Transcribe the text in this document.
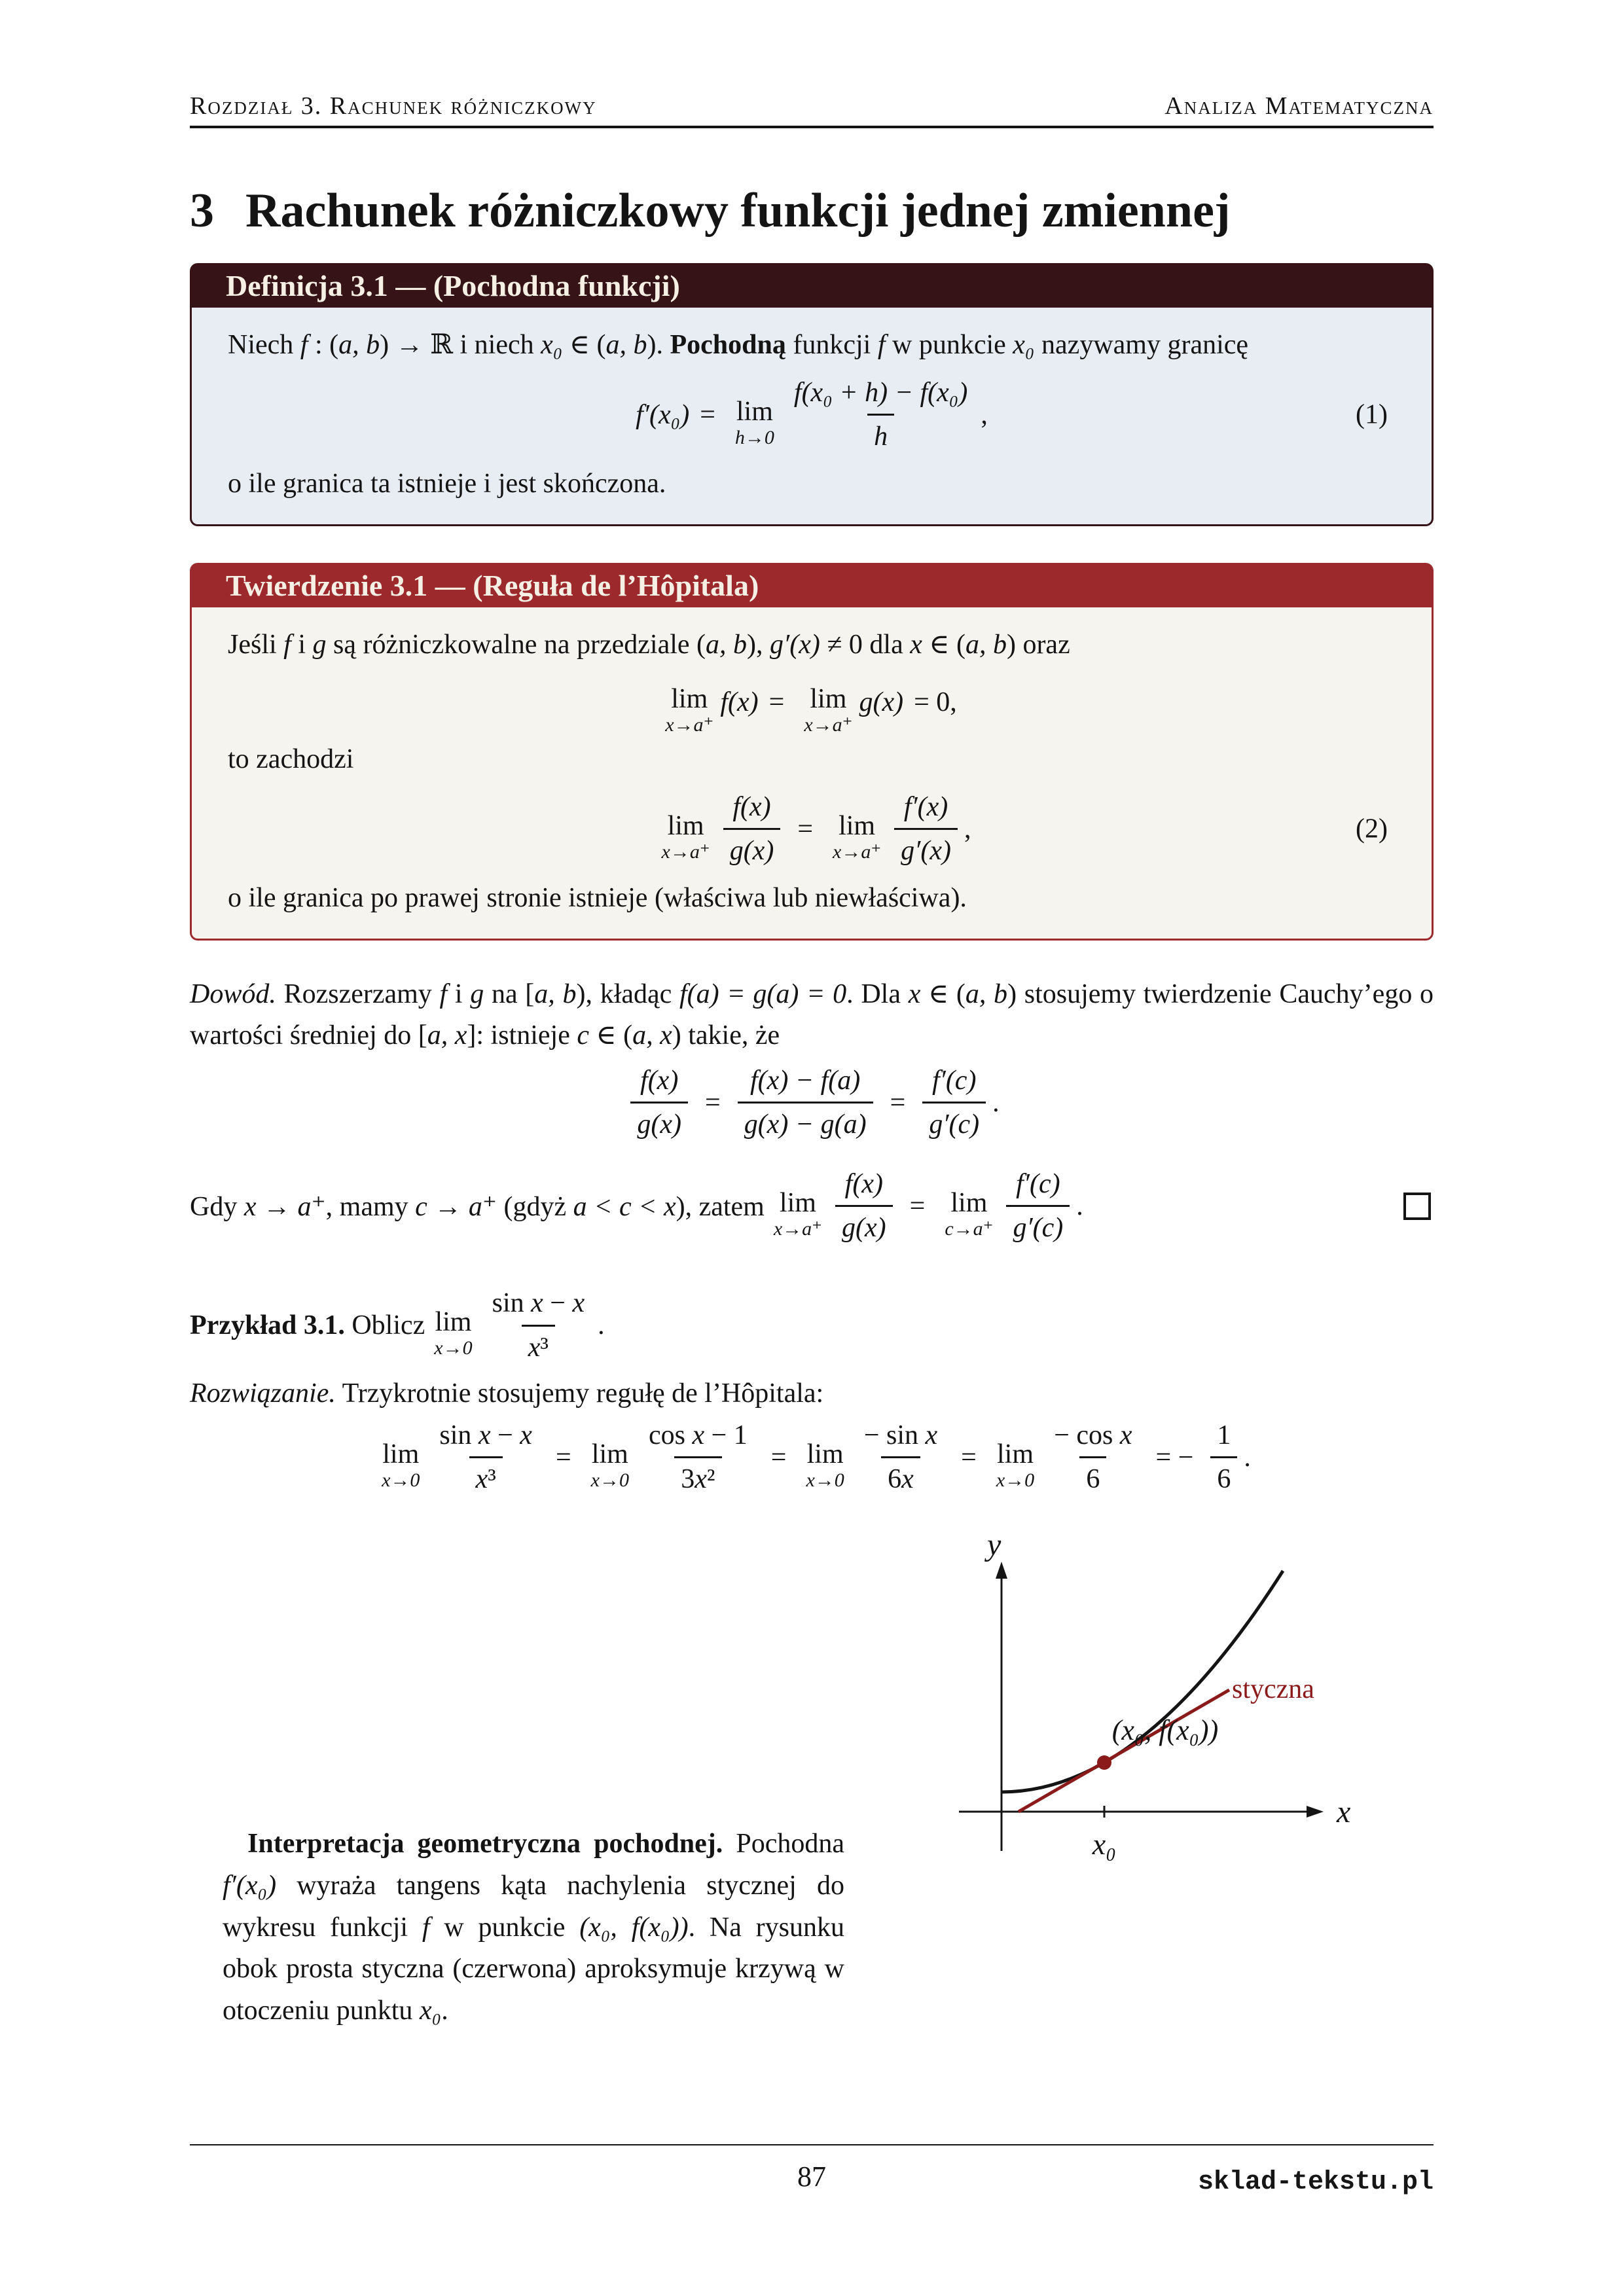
Rozdział 3. Rachunek różniczkowy	Analiza Matematyczna
3 Rachunek różniczkowy funkcji jednej zmiennej
Definicja 3.1 — (Pochodna funkcji)

Niech f : (a, b) → ℝ i niech x₀ ∈ (a, b). Pochodną funkcji f w punkcie x₀ nazywamy granicę

f′(x₀) = lim
$h\to 0 \frac{\text{f(x₀ + h) − f(x₀)}}{h}$ ,	(1)

o ile granica ta istnieje i jest skończona.

Twierdzenie 3.1 — (Reguła de l’Hôpitala)

Jeśli f i g są różniczkowalne na przedziale (a, b), g′(x) ≠ 0 dla x ∈ (a, b) oraz

lim
x→a⁺
f(x) = lim
x→a⁺
g(x) = 0,

to zachodzi

lim
$x\to a^+ \frac{f(x)}{g(x)} = \lim$
$x\to a^+ \frac{f'(x)}{g'(x)}$ ,	(2)

o ile granica po prawej stronie istnieje (właściwa lub niewłaściwa).

Dowód. Rozszerzamy f i g na [a, b), kładąc f(a) = g(a) = 0. Dla x ∈ (a, b) stosujemy twierdzenie Cauchy’ego o wartości średniej do [a, x]: istnieje c ∈ (a, x) takie, że

$\frac{f(x)}{g(x)} = \frac{f(x) - f(a)}{g(x) - g(a)} = \frac{f'(c)}{g'(c)}$ .
Gdy x → a⁺, mamy c → a⁺ (gdyż a < c < x), zatem lim
$x\to a^+ \frac{f(x)}{g(x)} = \lim$
$c\to a^+ \frac{f'(c)}{g'(c)}$ .
Przykład 3.1. Oblicz lim
$x\to 0 \frac{\text{sin x − x}}{\text{x³}}$ .

Rozwiązanie. Trzykrotnie stosujemy regułę de l’Hôpitala:

lim
$x\to 0 \frac{\text{sin x − x}}{\text{x³}} = \lim$
$x\to 0 \frac{\text{cos x − 1}}{\text{3x²}} = \lim$
$x\to 0 \frac{\text{− sin x}}{6x} = \lim$
$x\to 0 \frac{\text{− cos x}}{6}$ = − $\frac{1}{6}$ .
y
x
x₀
(x₀, f(x₀))
styczna

Interpretacja geometryczna pochodnej. Pochodna f′(x₀) wyraża tangens kąta nachylenia stycznej do wykresu funkcji f w punkcie (x₀, f(x₀)). Na rysunku obok prosta styczna (czerwona) aproksymuje krzywą w otoczeniu punktu x₀.

87	sklad-tekstu.pl
